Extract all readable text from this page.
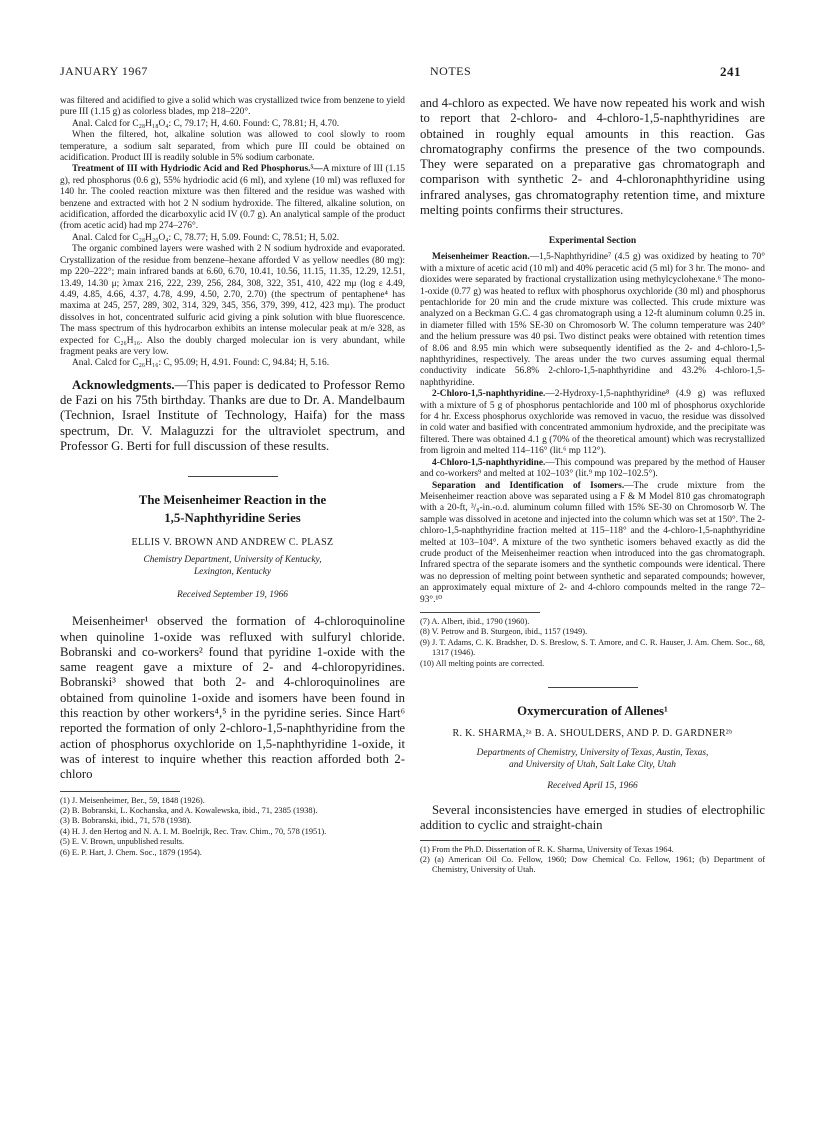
JANUARY 1967	NOTES	241

was filtered and acidified to give a solid which was crystallized twice from benzene to yield pure III (1.15 g) as colorless blades, mp 218–220°.

Anal. Calcd for C₂₈H₁₈O₄: C, 79.17; H, 4.60. Found: C, 78.81; H, 4.70.

When the filtered, hot, alkaline solution was allowed to cool slowly to room temperature, a sodium salt separated, from which pure III could be obtained on acidification. Product III is readily soluble in 5% sodium carbonate.

Treatment of III with Hydriodic Acid and Red Phosphorus.⁵—A mixture of III (1.15 g), red phosphorus (0.6 g), 55% hydriodic acid (6 ml), and xylene (10 ml) was refluxed for 140 hr. The cooled reaction mixture was then filtered and the residue was washed with benzene and extracted with hot 2 N sodium hydroxide. The filtered, alkaline solution, on acidification, afforded the dicarboxylic acid IV (0.7 g). An analytical sample of the product (from acetic acid) had mp 274–276°.

Anal. Calcd for C₂₈H₂₀O₄: C, 78.77; H, 5.09. Found: C, 78.51; H, 5.02.

The organic combined layers were washed with 2 N sodium hydroxide and evaporated. Crystallization of the residue from benzene–hexane afforded V as yellow needles (80 mg): mp 220–222°; main infrared bands at 6.60, 6.70, 10.41, 10.56, 11.15, 11.35, 12.29, 12.51, 13.49, 14.30 μ; λmax 216, 222, 239, 256, 284, 308, 322, 351, 410, 422 mμ (log ε 4.49, 4.49, 4.85, 4.66, 4.37, 4.78, 4.99, 4.50, 2.70, 2.70) (the spectrum of pentaphene⁴ has maxima at 245, 257, 289, 302, 314, 329, 345, 356, 379, 399, 412, 423 mμ). The product dissolves in hot, concentrated sulfuric acid giving a pink solution with blue fluorescence. The mass spectrum of this hydrocarbon exhibits an intense molecular peak at m/e 328, as expected for C₂₆H₁₆. Also the doubly charged molecular ion is very abundant, while fragment peaks are very low.

Anal. Calcd for C₂₆H₁₆: C, 95.09; H, 4.91. Found: C, 94.84; H, 5.16.

Acknowledgments.—This paper is dedicated to Professor Remo de Fazi on his 75th birthday. Thanks are due to Dr. A. Mandelbaum (Technion, Israel Institute of Technology, Haifa) for the mass spectrum, Dr. V. Malaguzzi for the ultraviolet spectrum, and Professor G. Berti for full discussion of these results.

The Meisenheimer Reaction in the

1,5-Naphthyridine Series

ELLIS V. BROWN AND ANDREW C. PLASZ

Chemistry Department, University of Kentucky,

Lexington, Kentucky

Received September 19, 1966

Meisenheimer¹ observed the formation of 4-chloroquinoline when quinoline 1-oxide was refluxed with sulfuryl chloride. Bobranski and co-workers² found that pyridine 1-oxide with the same reagent gave a mixture of 2- and 4-chloropyridines. Bobranski³ showed that both 2- and 4-chloroquinolines are obtained from quinoline 1-oxide and isomers have been found in this reaction by other workers⁴,⁵ in the pyridine series. Since Hart⁶ reported the formation of only 2-chloro-1,5-naphthyridine from the action of phosphorus oxychloride on 1,5-naphthyridine 1-oxide, it was of interest to inquire whether this reaction afforded both 2-chloro

(1) J. Meisenheimer, Ber., 59, 1848 (1926).

(2) B. Bobranski, L. Kochanska, and A. Kowalewska, ibid., 71, 2385 (1938).

(3) B. Bobranski, ibid., 71, 578 (1938).

(4) H. J. den Hertog and N. A. I. M. Boelrijk, Rec. Trav. Chim., 70, 578 (1951).

(5) E. V. Brown, unpublished results.

(6) E. P. Hart, J. Chem. Soc., 1879 (1954).

and 4-chloro as expected. We have now repeated his work and wish to report that 2-chloro- and 4-chloro-1,5-naphthyridines are obtained in roughly equal amounts in this reaction. Gas chromatography confirms the presence of the two compounds. They were separated on a preparative gas chromatograph and comparison with synthetic 2- and 4-chloronaphthyridine using infrared analyses, gas chromatography retention time, and mixture melting points confirms their structures.

Experimental Section

Meisenheimer Reaction.—1,5-Naphthyridine⁷ (4.5 g) was oxidized by heating to 70° with a mixture of acetic acid (10 ml) and 40% peracetic acid (5 ml) for 3 hr. The mono- and dioxides were separated by fractional crystallization using methylcyclohexane.⁶ The mono-1-oxide (0.77 g) was heated to reflux with phosphorus oxychloride (30 ml) and phosphorus pentachloride for 20 min and the crude mixture was collected. This crude mixture was analyzed on a Beckman G.C. 4 gas chromatograph using a 12-ft aluminum column 0.25 in. in diameter filled with 15% SE-30 on Chromosorb W. The column temperature was 240° and the helium pressure was 40 psi. Two distinct peaks were obtained with retention times of 8.06 and 8.95 min which were subsequently identified as the 2- and 4-chloro-1,5-naphthyridines, respectively. The areas under the two curves assuming equal thermal conductivity indicate 56.8% 2-chloro-1,5-naphthyridine and 43.2% 4-chloro-1,5-naphthyridine.

2-Chloro-1,5-naphthyridine.—2-Hydroxy-1,5-naphthyridine⁸ (4.9 g) was refluxed with a mixture of 5 g of phosphorus pentachloride and 100 ml of phosphorus oxychloride for 4 hr. Excess phosphorus oxychloride was removed in vacuo, the residue was dissolved in cold water and basified with concentrated ammonium hydroxide, and the precipitate was filtered. There was obtained 4.1 g (70% of the theoretical amount) which was recrystallized from ligroin and melted 114–116° (lit.⁶ mp 112°).

4-Chloro-1,5-naphthyridine.—This compound was prepared by the method of Hauser and co-workers⁹ and melted at 102–103° (lit.⁹ mp 102–102.5°).

Separation and Identification of Isomers.—The crude mixture from the Meisenheimer reaction above was separated using a F & M Model 810 gas chromatograph with a 20-ft, ³/₈-in.-o.d. aluminum column filled with 15% SE-30 on Chromosorb W. The sample was dissolved in acetone and injected into the column which was set at 150°. The 2-chloro-1,5-naphthyridine fraction melted at 115–118° and the 4-chloro-1,5-naphthyridine melted at 103–104°. A mixture of the two synthetic isomers behaved exactly as did the crude product of the Meisenheimer reaction when introduced into the gas chromatograph. Infrared spectra of the separate isomers and the synthetic compounds were identical. There was no depression of melting point between synthetic and separated compounds; however, an approximately equal mixture of 2- and 4-chloro compounds melted in the range 72–93°.¹⁰

(7) A. Albert, ibid., 1790 (1960).

(8) V. Petrow and B. Sturgeon, ibid., 1157 (1949).

(9) J. T. Adams, C. K. Bradsher, D. S. Breslow, S. T. Amore, and C. R. Hauser, J. Am. Chem. Soc., 68, 1317 (1946).

(10) All melting points are corrected.

Oxymercuration of Allenes¹

R. K. SHARMA,²ᵃ B. A. SHOULDERS, AND P. D. GARDNER²ᵇ

Departments of Chemistry, University of Texas, Austin, Texas,

and University of Utah, Salt Lake City, Utah

Received April 15, 1966

Several inconsistencies have emerged in studies of electrophilic addition to cyclic and straight-chain

(1) From the Ph.D. Dissertation of R. K. Sharma, University of Texas 1964.

(2) (a) American Oil Co. Fellow, 1960; Dow Chemical Co. Fellow, 1961; (b) Department of Chemistry, University of Utah.
